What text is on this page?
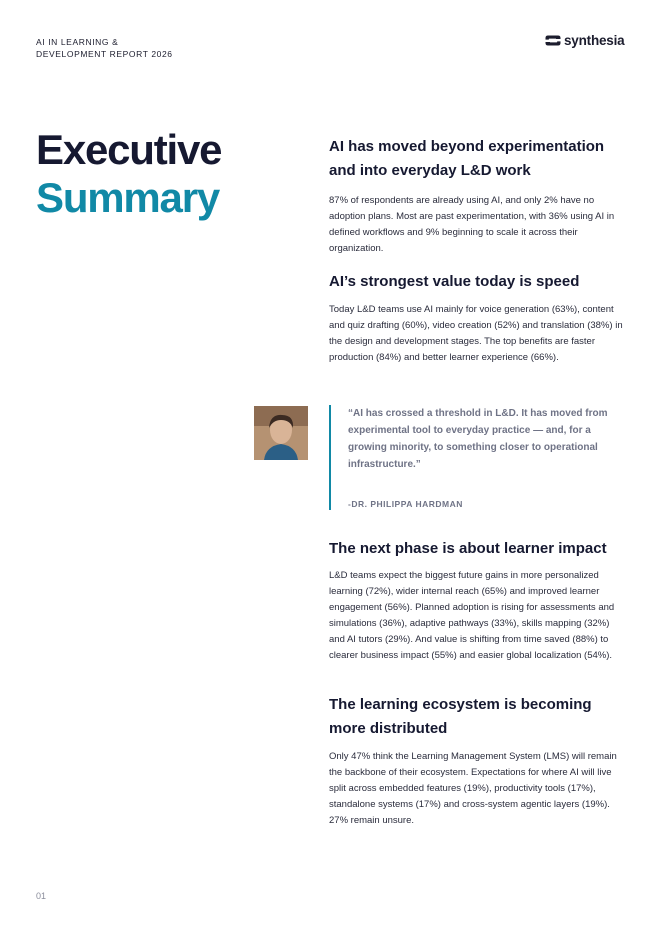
AI IN LEARNING &
DEVELOPMENT REPORT 2026
synthesia
Executive
Summary
AI has moved beyond experimentation
and into everyday L&D work

87% of respondents are already using AI, and only 2% have no adoption plans. Most are past experimentation, with 36% using AI in defined workflows and 9% beginning to scale it across their organization.

AI’s strongest value today is speed

Today L&D teams use AI mainly for voice generation (63%), content and quiz drafting (60%), video creation (52%) and translation (38%) in the design and development stages. The top benefits are faster production (84%) and better learner experience (66%).

“AI has crossed a threshold in L&D. It has moved from experimental tool to everyday practice — and, for a growing minority, to something closer to operational infrastructure.”
-DR. PHILIPPA HARDMAN
The next phase is about learner impact

L&D teams expect the biggest future gains in more personalized learning (72%), wider internal reach (65%) and improved learner engagement (56%). Planned adoption is rising for assessments and simulations (36%), adaptive pathways (33%), skills mapping (32%) and AI tutors (29%). And value is shifting from time saved (88%) to clearer business impact (55%) and easier global localization (54%).

The learning ecosystem is becoming
more distributed

Only 47% think the Learning Management System (LMS) will remain the backbone of their ecosystem. Expectations for where AI will live split across embedded features (19%), productivity tools (17%), standalone systems (17%) and cross-system agentic layers (19%). 27% remain unsure.

01
